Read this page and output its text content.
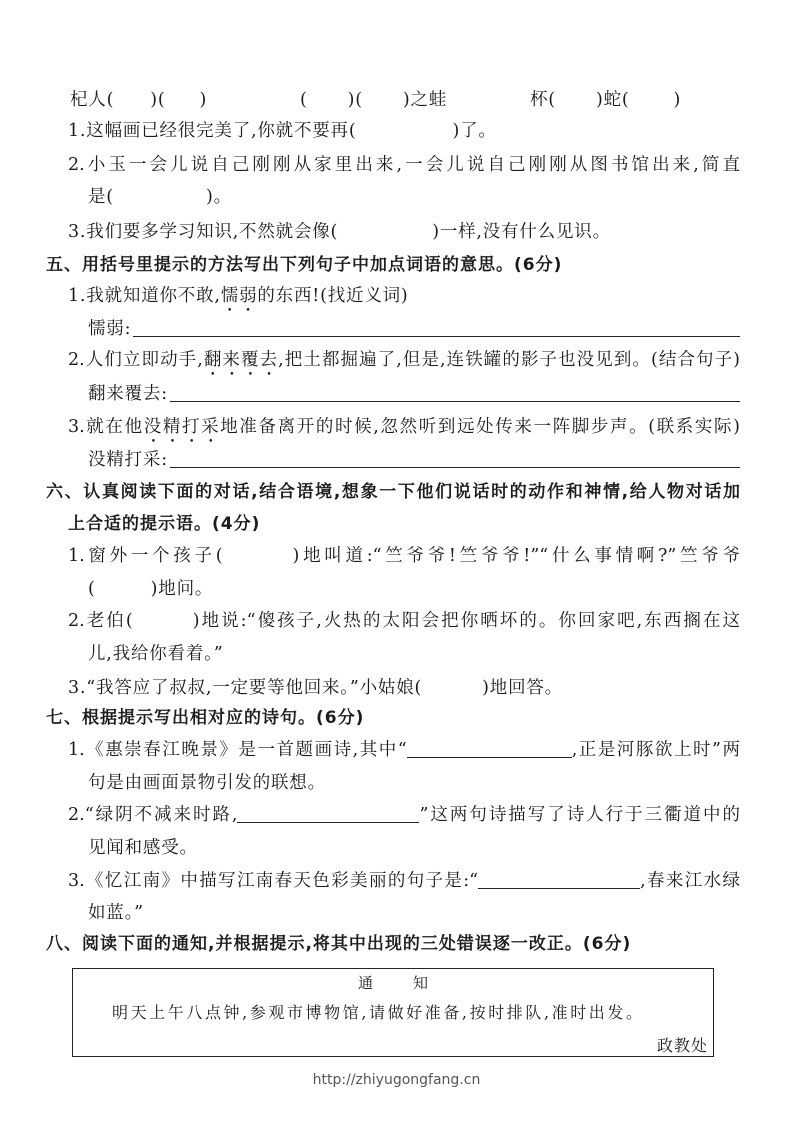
杞人( )( )	( )( )之蛙	杯( )蛇(	)
1.这幅画已经很完美了,你就不要再(	)了。
2.小玉一会儿说自己刚刚从家里出来,一会儿说自己刚刚从图书馆出来,简直
是(	)。
3.我们要多学习知识,不然就会像(	)一样,没有什么见识。
五、用括号里提示的方法写出下列句子中加点词语的意思。(6分)
1.我就知道你不敢,懦弱的东西!(找近义词)
懦弱:
2.人们立即动手,翻来覆去,把土都掘遍了,但是,连铁罐的影子也没见到。(结合句子)
翻来覆去:
3.就在他没精打采地准备离开的时候,忽然听到远处传来一阵脚步声。(联系实际)
没精打采:
六、认真阅读下面的对话,结合语境,想象一下他们说话时的动作和神情,给人物对话加
上合适的提示语。(4分)
1.窗外一个孩子(	)地叫道:“竺爷爷!竺爷爷!”“什么事情啊?”竺爷爷
(	)地问。
2.老伯(	)地说:“傻孩子,火热的太阳会把你晒坏的。你回家吧,东西搁在这
儿,我给你看着。”
3.“我答应了叔叔,一定要等他回来。”小姑娘(	)地回答。
七、根据提示写出相对应的诗句。(6分)
1.《惠崇春江晚景》是一首题画诗,其中“	,正是河豚欲上时”两
句是由画面景物引发的联想。
2.“绿阴不减来时路,	”这两句诗描写了诗人行于三衢道中的
见闻和感受。
3.《忆江南》中描写江南春天色彩美丽的句子是:“	,春来江水绿
如蓝。”
八、阅读下面的通知,并根据提示,将其中出现的三处错误逐一改正。(6分)
通知
明天上午八点钟,参观市博物馆,请做好准备,按时排队,准时出发。
政教处
http://zhiyugongfang.cn
